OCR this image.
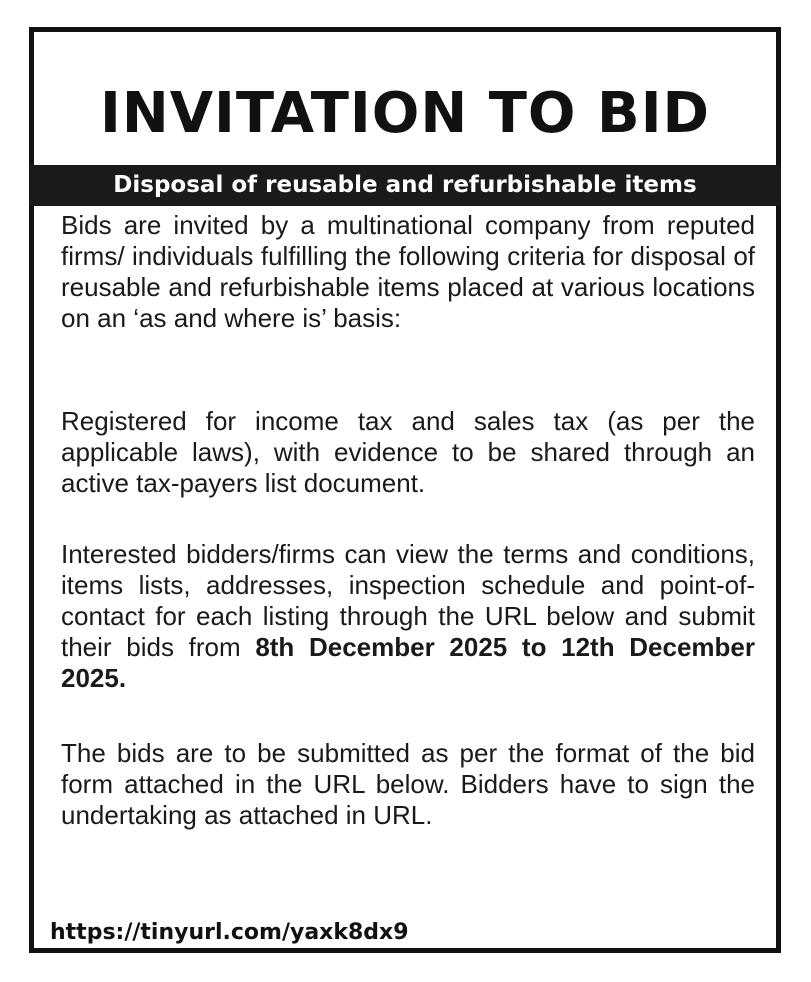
INVITATION TO BID
Disposal of reusable and refurbishable items
Bids are invited by a multinational company from reputed firms/ individuals fulfilling the following criteria for disposal of reusable and refurbishable items placed at various locations on an ‘as and where is’ basis:
Registered for income tax and sales tax (as per the applicable laws), with evidence to be shared through an active tax-payers list document.
Interested bidders/firms can view the terms and conditions, items lists, addresses, inspection schedule and point-of-contact for each listing through the URL below and submit their bids from 8th December 2025 to 12th December 2025.
The bids are to be submitted as per the format of the bid form attached in the URL below. Bidders have to sign the undertaking as attached in URL.
https://tinyurl.com/yaxk8dx9
